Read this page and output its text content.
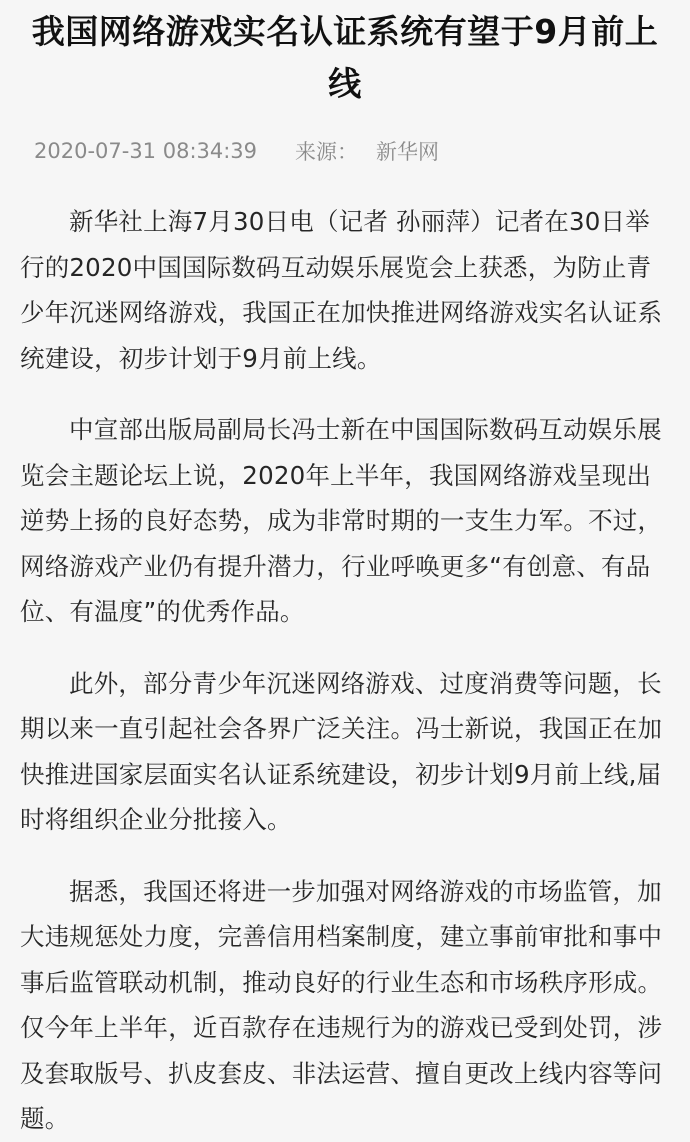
我国网络游戏实名认证系统有望于9月前上线
2020-07-31 08:34:39 来源： 新华网

新华社上海7月30日电（记者 孙丽萍）记者在30日举行的2020中国国际数码互动娱乐展览会上获悉，为防止青少年沉迷网络游戏，我国正在加快推进网络游戏实名认证系统建设，初步计划于9月前上线。

中宣部出版局副局长冯士新在中国国际数码互动娱乐展览会主题论坛上说，2020年上半年，我国网络游戏呈现出逆势上扬的良好态势，成为非常时期的一支生力军。不过，网络游戏产业仍有提升潜力，行业呼唤更多“有创意、有品位、有温度”的优秀作品。

此外，部分青少年沉迷网络游戏、过度消费等问题，长期以来一直引起社会各界广泛关注。冯士新说，我国正在加快推进国家层面实名认证系统建设，初步计划9月前上线,届时将组织企业分批接入。

据悉，我国还将进一步加强对网络游戏的市场监管，加大违规惩处力度，完善信用档案制度，建立事前审批和事中事后监管联动机制，推动良好的行业生态和市场秩序形成。仅今年上半年，近百款存在违规行为的游戏已受到处罚，涉及套取版号、扒皮套皮、非法运营、擅自更改上线内容等问题。
